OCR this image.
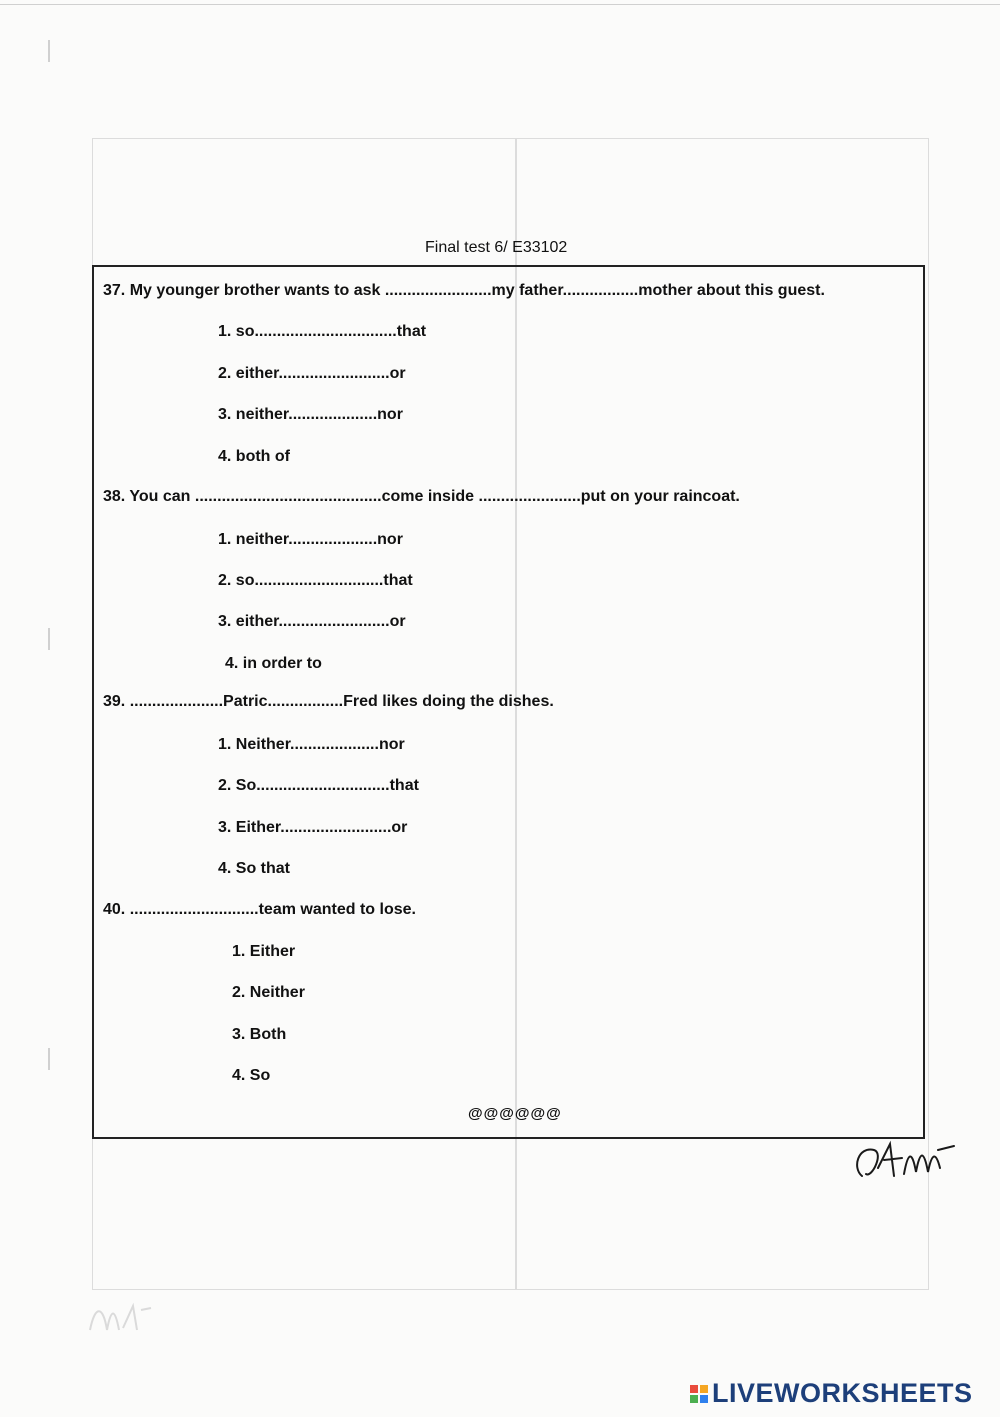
Final test 6/ E33102
37. My younger brother wants to ask ........................my father.................mother about this guest.
1. so................................that
2. either.........................or
3. neither....................nor
4. both of
38. You can ..........................................come inside .......................put on your raincoat.
1. neither....................nor
2. so.............................that
3. either.........................or
4. in order to
39. .....................Patric.................Fred likes doing the dishes.
1. Neither....................nor
2. So..............................that
3. Either.........................or
4. So that
40. .............................team wanted to lose.
1. Either
2. Neither
3. Both
4. So
@@@@@@
LIVEWORKSHEETS
